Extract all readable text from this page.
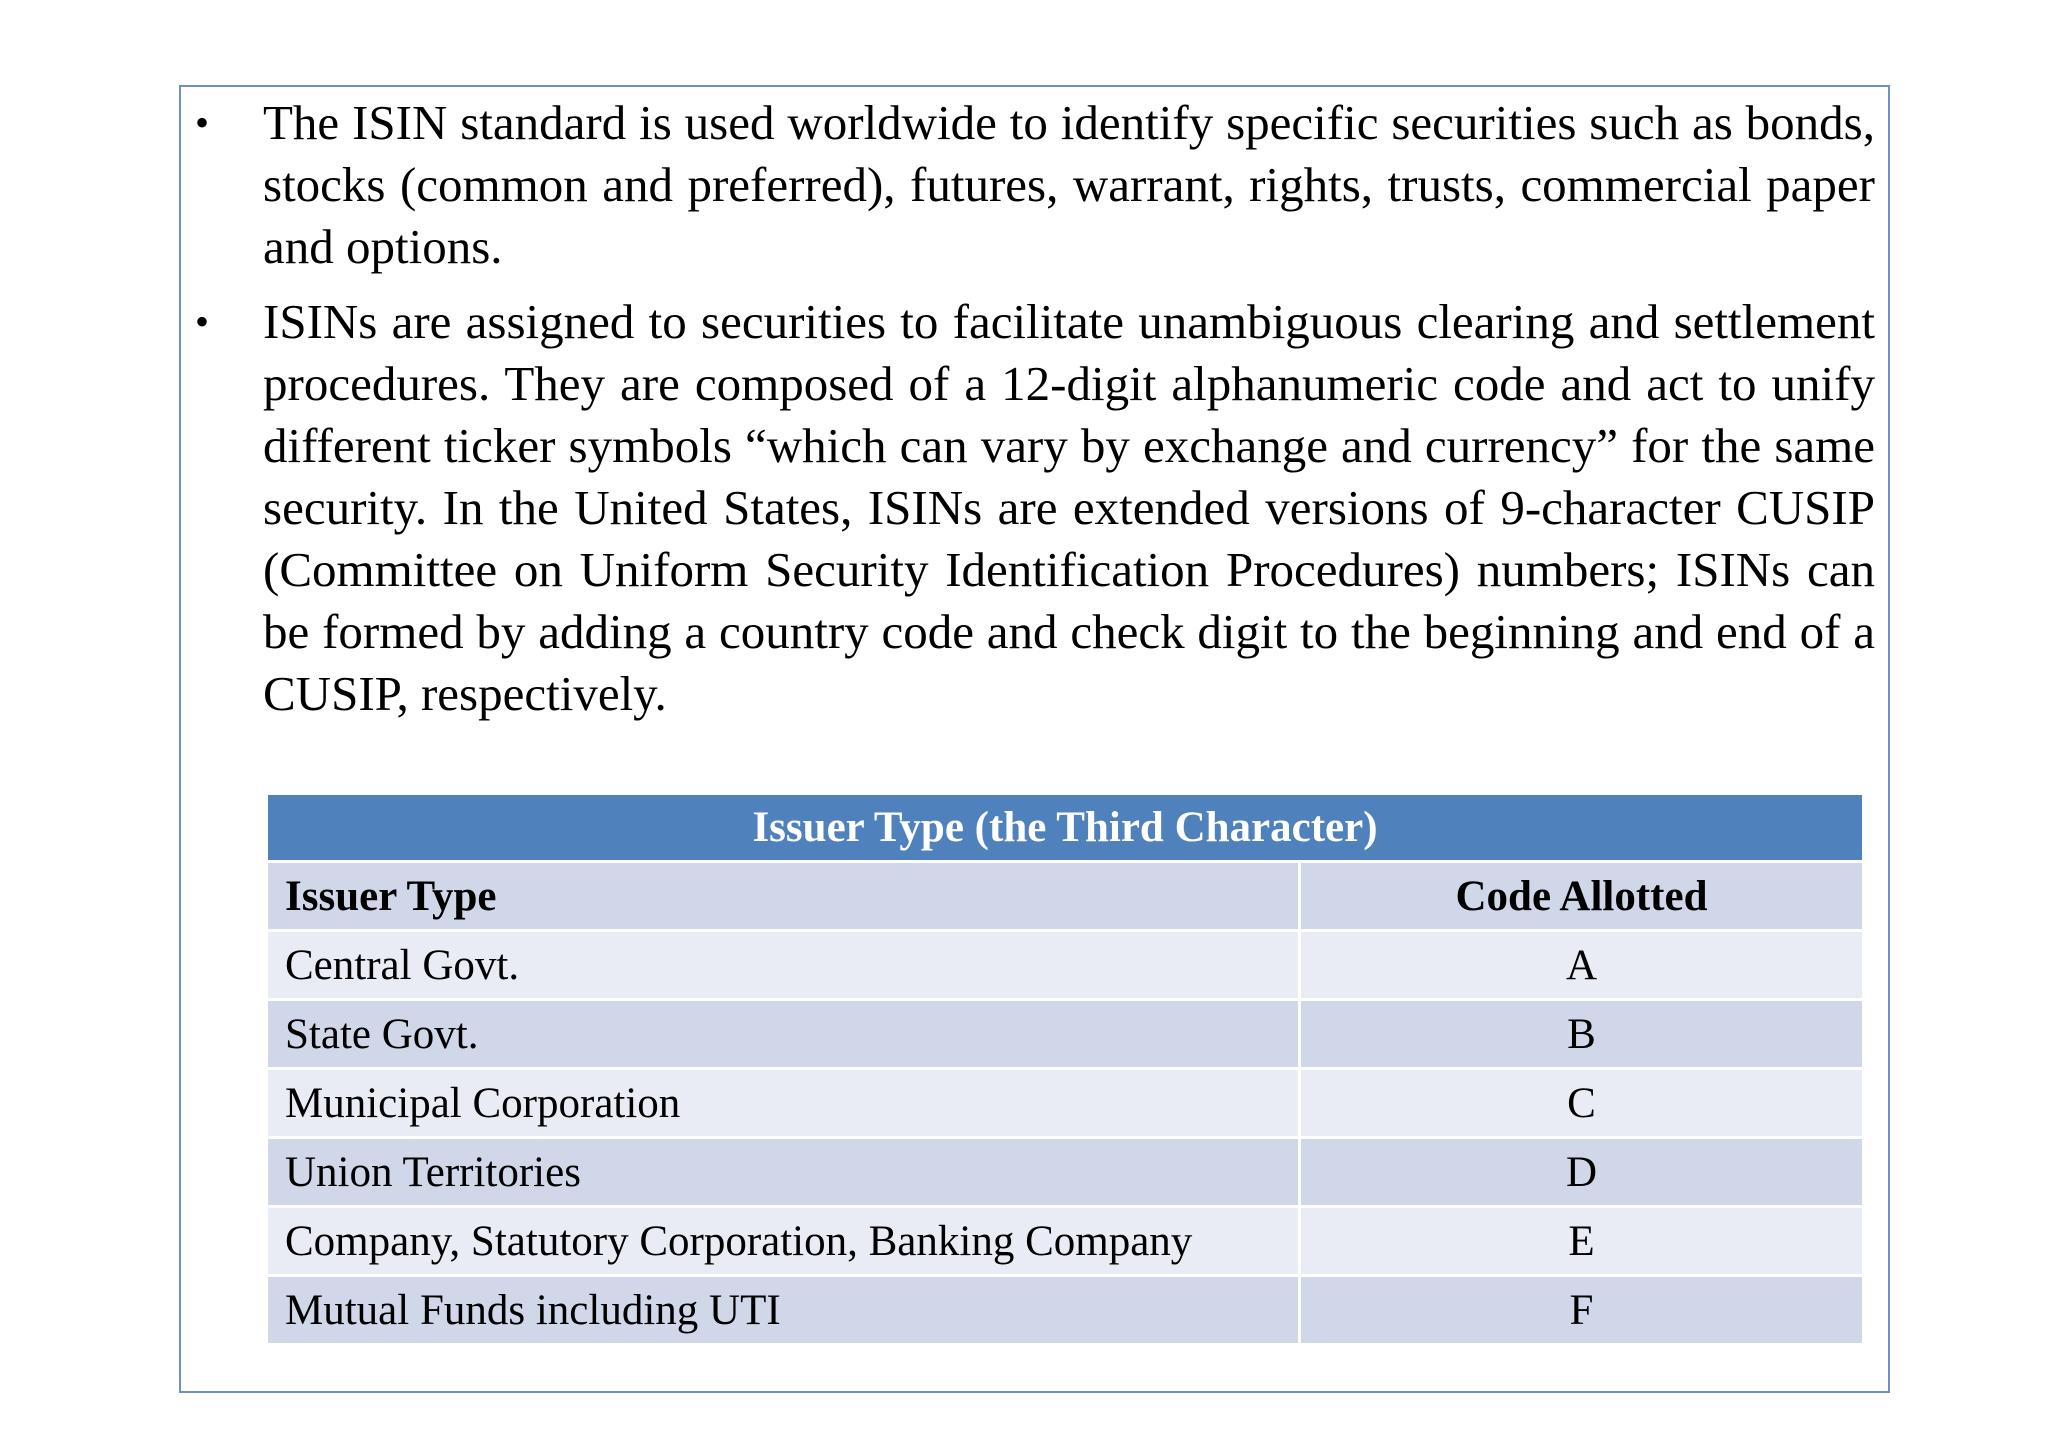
•	The ISIN standard is used worldwide to identify specific securities such as bonds, stocks (common and preferred), futures, warrant, rights, trusts, commercial paper and options.
•	ISINs are assigned to securities to facilitate unambiguous clearing and settlement procedures. They are composed of a 12-digit alphanumeric code and act to unify different ticker symbols “which can vary by exchange and currency” for the same security. In the United States, ISINs are extended versions of 9-character CUSIP (Committee on Uniform Security Identification Procedures) numbers; ISINs can be formed by adding a country code and check digit to the beginning and end of a CUSIP, respectively.
Issuer Type (the Third Character)	
Issuer Type	Code Allotted
Central Govt.	A
State Govt.	B
Municipal Corporation	C
Union Territories	D
Company, Statutory Corporation, Banking Company	E
Mutual Funds including UTI	F
